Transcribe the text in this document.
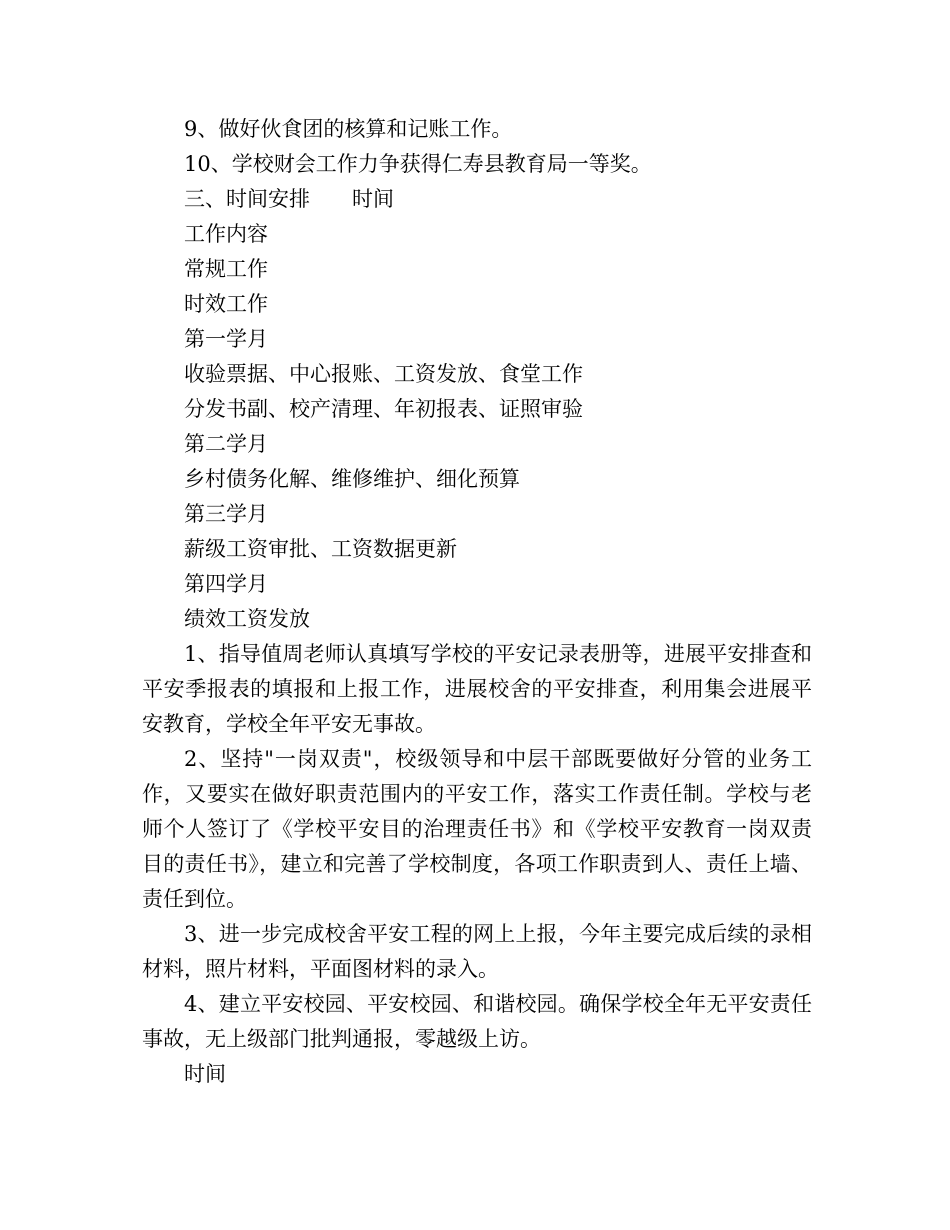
9、做好伙食团的核算和记账工作。
10、学校财会工作力争获得仁寿县教育局一等奖。
三、时间安排 时间
工作内容
常规工作
时效工作
第一学月
收验票据、中心报账、工资发放、食堂工作
分发书副、校产清理、年初报表、证照审验
第二学月
乡村债务化解、维修维护、细化预算
第三学月
薪级工资审批、工资数据更新
第四学月
绩效工资发放

1、指导值周老师认真填写学校的平安记录表册等，进展平安排查和平安季报表的填报和上报工作，进展校舍的平安排查，利用集会进展平安教育，学校全年平安无事故。

2、坚持"一岗双责"，校级领导和中层干部既要做好分管的业务工作，又要实在做好职责范围内的平安工作，落实工作责任制。学校与老师个人签订了《学校平安目的治理责任书》和《学校平安教育一岗双责目的责任书》，建立和完善了学校制度，各项工作职责到人、责任上墙、责任到位。

3、进一步完成校舍平安工程的网上上报，今年主要完成后续的录相材料，照片材料，平面图材料的录入。

4、建立平安校园、平安校园、和谐校园。确保学校全年无平安责任事故，无上级部门批判通报，零越级上访。

时间
